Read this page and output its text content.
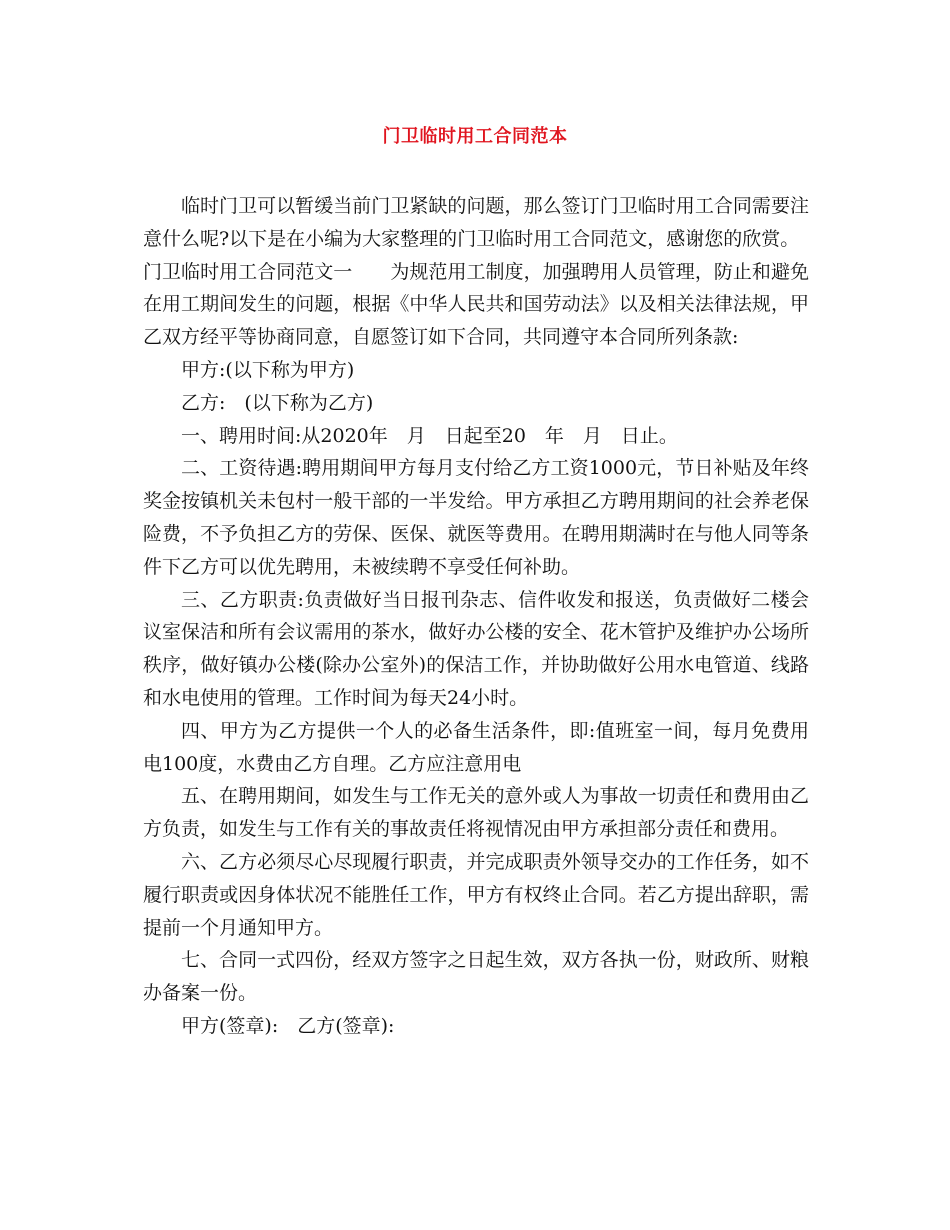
门卫临时用工合同范本

临时门卫可以暂缓当前门卫紧缺的问题，那么签订门卫临时用工合同需要注意什么呢?以下是在小编为大家整理的门卫临时用工合同范文，感谢您的欣赏。

门卫临时用工合同范文一　　为规范用工制度，加强聘用人员管理，防止和避免在用工期间发生的问题，根据《中华人民共和国劳动法》以及相关法律法规，甲乙双方经平等协商同意，自愿签订如下合同，共同遵守本合同所列条款:

甲方:(以下称为甲方)

乙方:　(以下称为乙方)

一、聘用时间:从2020年　月　日起至20　年　月　日止。

二、工资待遇:聘用期间甲方每月支付给乙方工资1000元，节日补贴及年终奖金按镇机关未包村一般干部的一半发给。甲方承担乙方聘用期间的社会养老保险费，不予负担乙方的劳保、医保、就医等费用。在聘用期满时在与他人同等条件下乙方可以优先聘用，未被续聘不享受任何补助。

三、乙方职责:负责做好当日报刊杂志、信件收发和报送，负责做好二楼会议室保洁和所有会议需用的茶水，做好办公楼的安全、花木管护及维护办公场所秩序，做好镇办公楼(除办公室外)的保洁工作，并协助做好公用水电管道、线路和水电使用的管理。工作时间为每天24小时。

四、甲方为乙方提供一个人的必备生活条件，即:值班室一间，每月免费用电100度，水费由乙方自理。乙方应注意用电

五、在聘用期间，如发生与工作无关的意外或人为事故一切责任和费用由乙方负责，如发生与工作有关的事故责任将视情况由甲方承担部分责任和费用。

六、乙方必须尽心尽现履行职责，并完成职责外领导交办的工作任务，如不履行职责或因身体状况不能胜任工作，甲方有权终止合同。若乙方提出辞职，需提前一个月通知甲方。

七、合同一式四份，经双方签字之日起生效，双方各执一份，财政所、财粮办备案一份。

甲方(签章):　乙方(签章):
